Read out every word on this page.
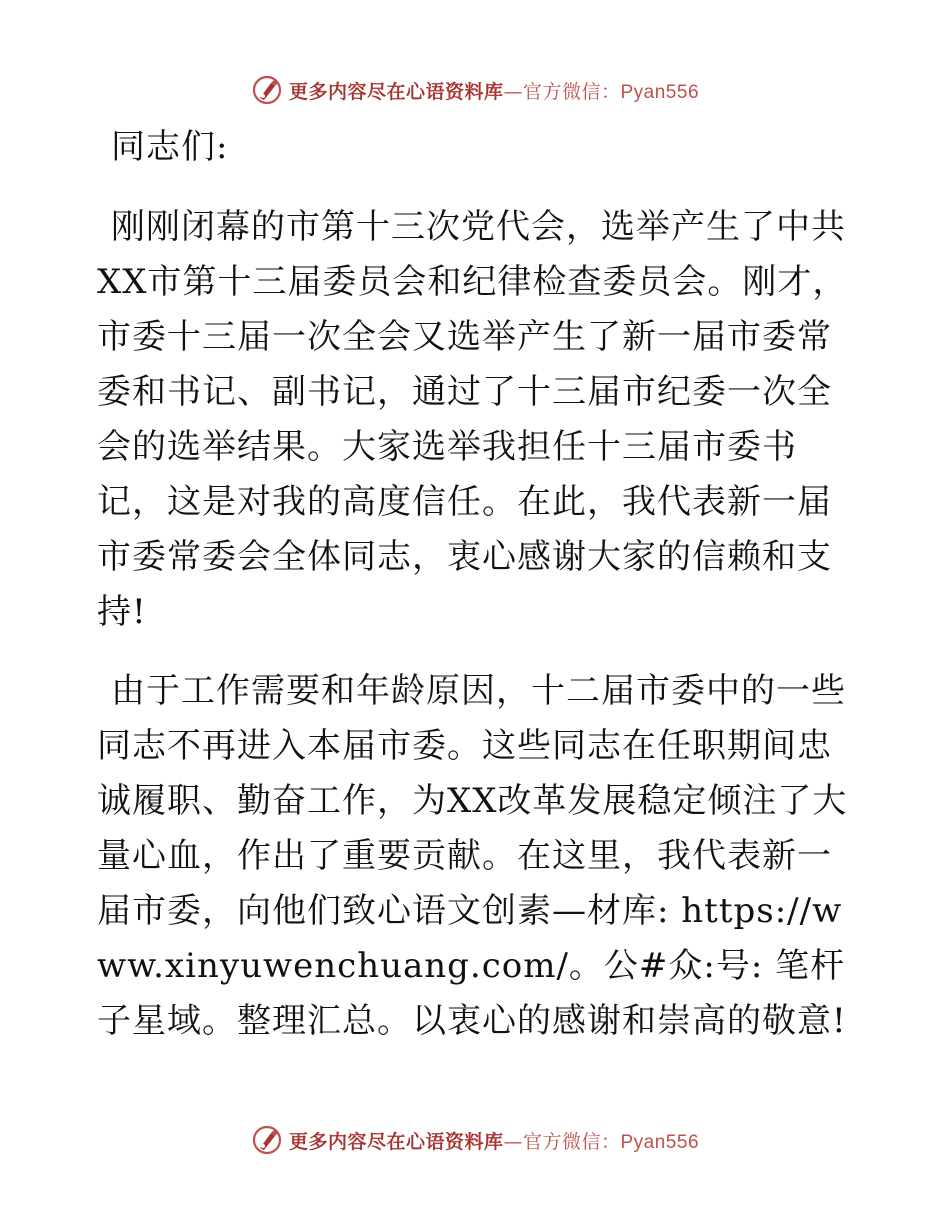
更多内容尽在心语资料库—官方微信：Pyan556

同志们:

刚刚闭幕的市第十三次党代会，选举产生了中共XX市第十三届委员会和纪律检查委员会。刚才，市委十三届一次全会又选举产生了新一届市委常委和书记、副书记，通过了十三届市纪委一次全会的选举结果。大家选举我担任十三届市委书记，这是对我的高度信任。在此，我代表新一届市委常委会全体同志，衷心感谢大家的信赖和支持!

由于工作需要和年龄原因，十二届市委中的一些同志不再进入本届市委。这些同志在任职期间忠诚履职、勤奋工作，为XX改革发展稳定倾注了大量心血，作出了重要贡献。在这里，我代表新一届市委，向他们致心语文创素—材库: https://www.xinyuwenchuang.com/。公#众:号: 笔杆子星域。整理汇总。以衷心的感谢和崇高的敬意!

更多内容尽在心语资料库—官方微信：Pyan556
